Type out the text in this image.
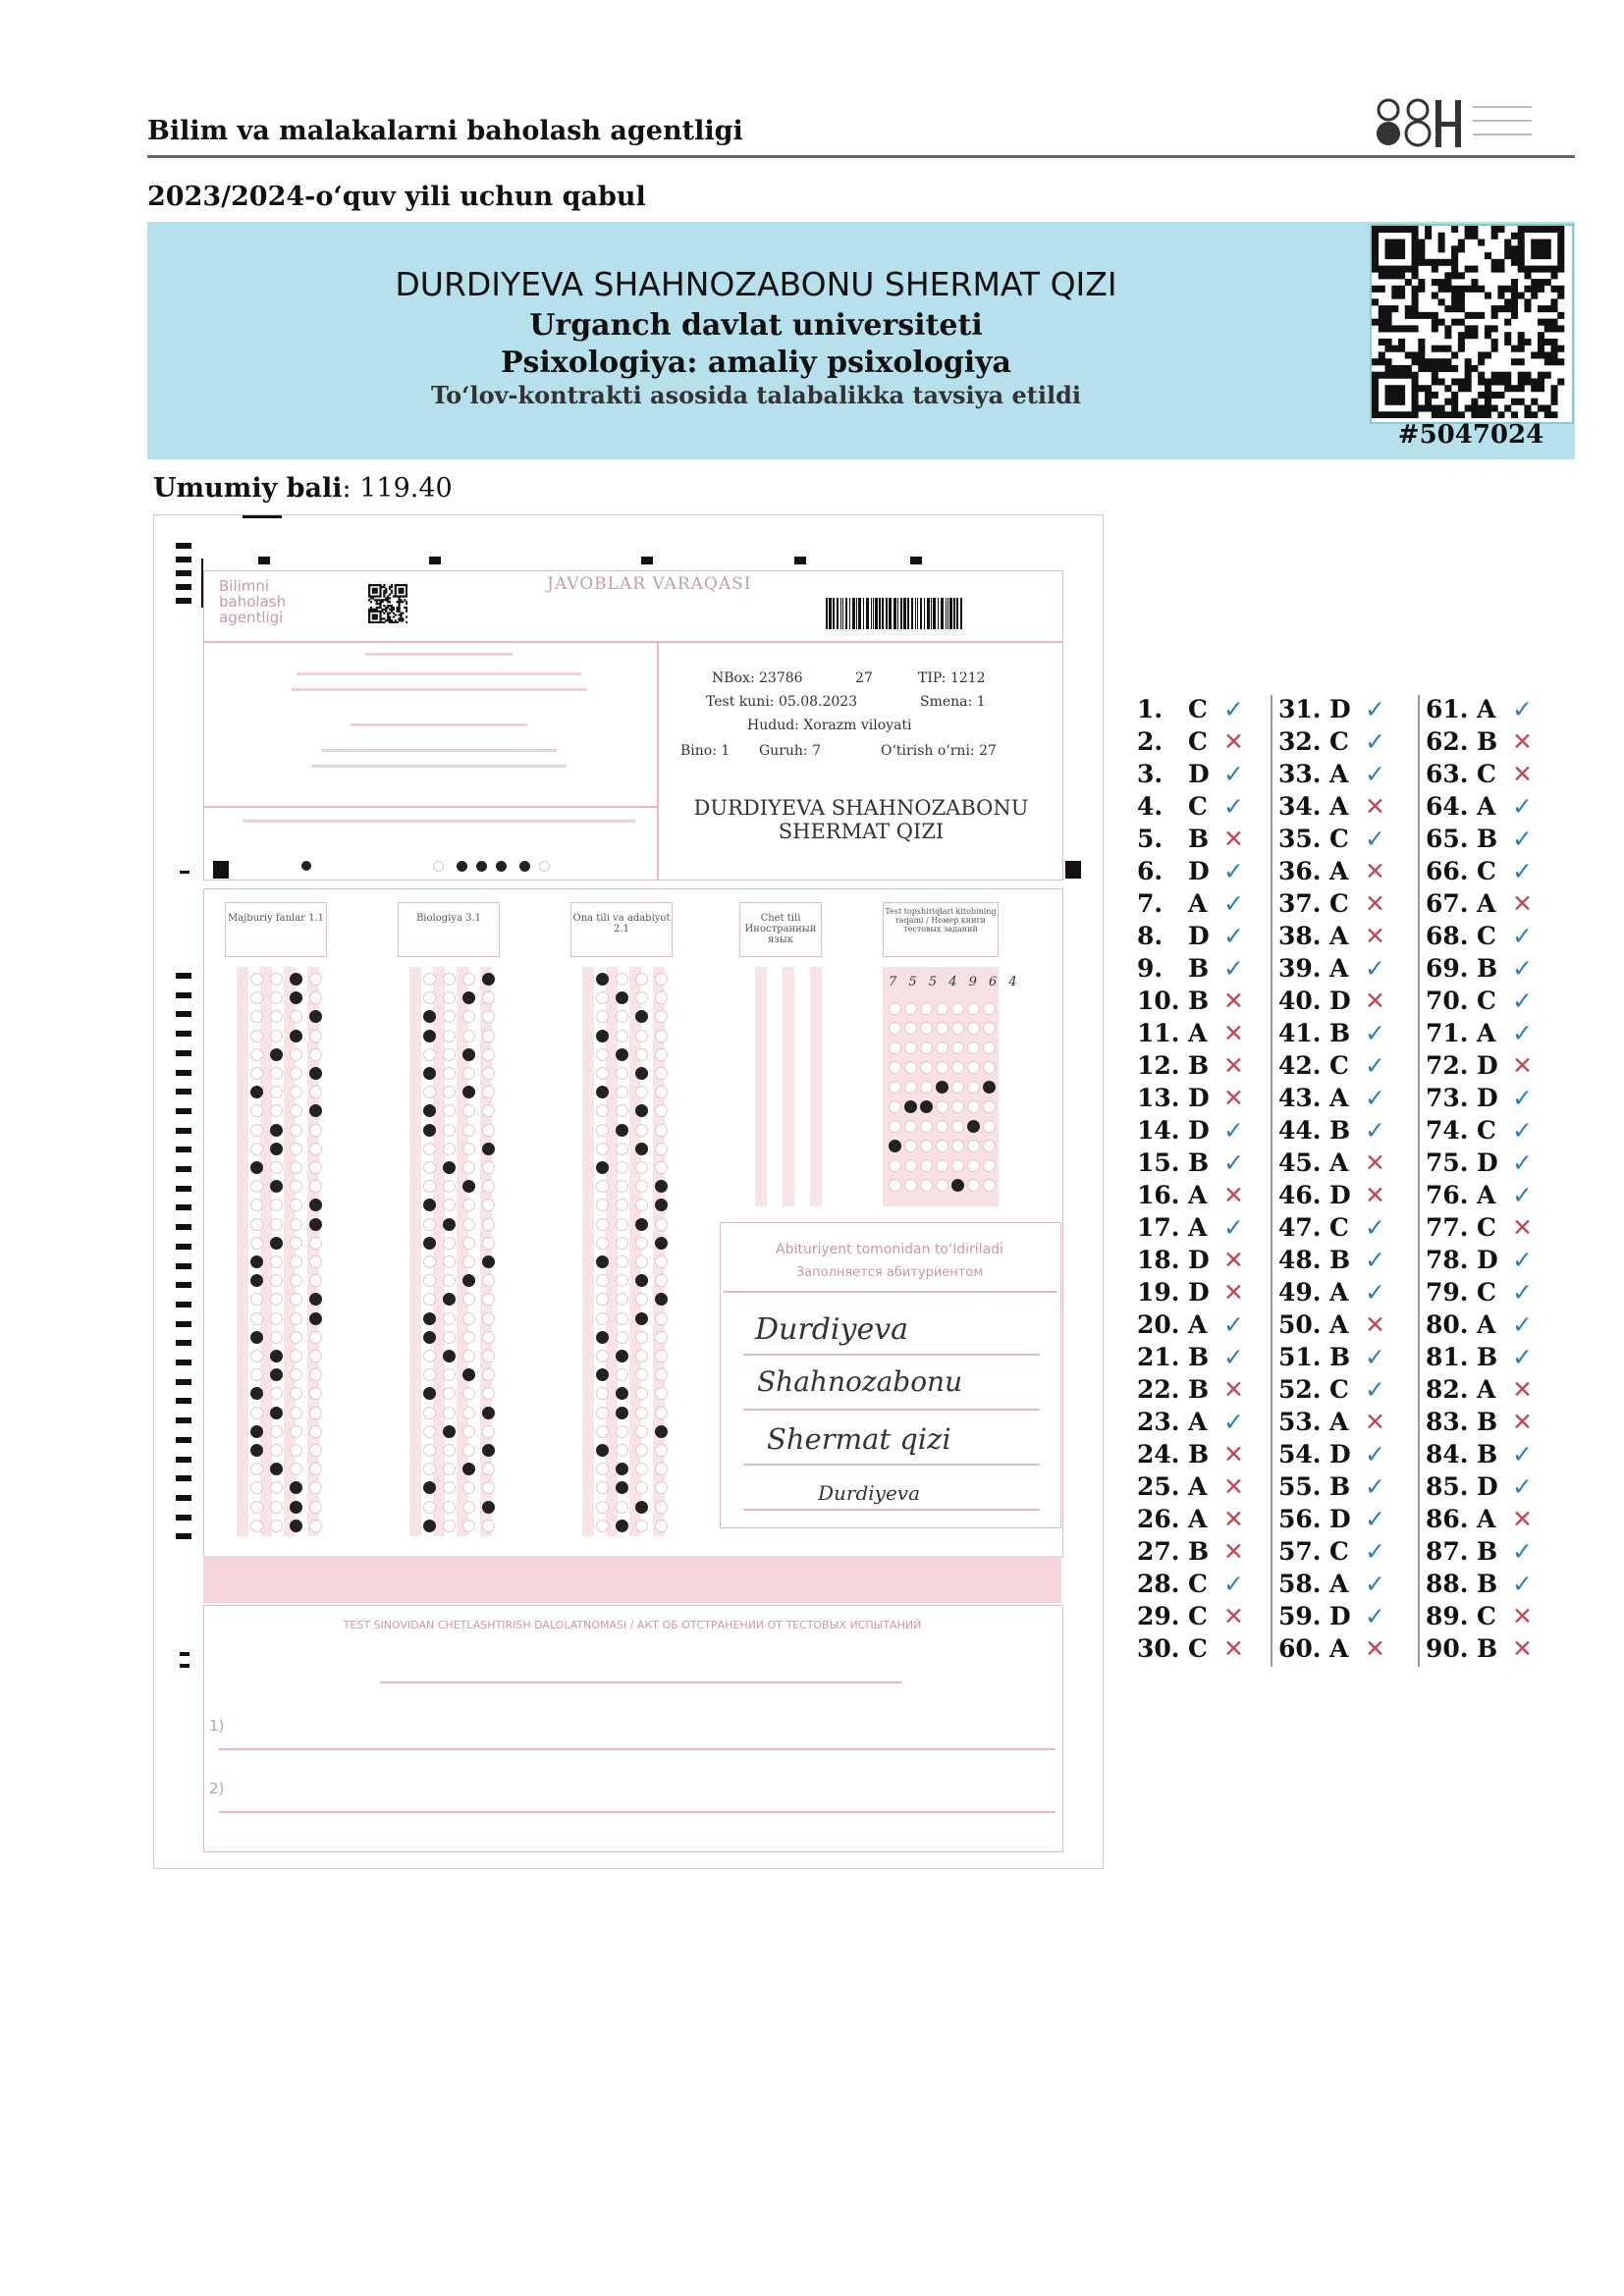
Bilim va malakalarni baholash agentligi
2023/2024-o‘quv yili uchun qabul
DURDIYEVA SHAHNOZABONU SHERMAT QIZI
Urganch davlat universiteti
Psixologiya: amaliy psixologiya
To‘lov-kontrakti asosida talabalikka tavsiya etildi
#5047024
Umumiy bali: 119.40
Bilimni baholash agentligi
JAVOBLAR VARAQASI
NBox: 23786	27	TIP: 1212
Test kuni: 05.08.2023	Smena: 1
Hudud: Xorazm viloyati
Bino: 1 Guruh: 7	O‘tirish o‘rni: 27
DURDIYEVA SHAHNOZABONU SHERMAT QIZI
Majburiy fanlar 1.1	Biologiya 3.1	Ona tili va adabiyot 2.1
Chet tili Иностранный язык
Test topshiriqlari kitobining raqami / Номер книги тестовых заданий
7 5 5 4 9 6 4
Abituriyent tomonidan to‘ldiriladi
Заполняется абитуриентом
Durdiyeva
Shahnozabonu
Shermat qizi
Durdiyeva
TEST SINOVIDAN CHETLASHTIRISH DALOLATNOMASI / АКТ ОБ ОТСТРАНЕНИИ ОТ ТЕСТОВЫХ ИСПЫТАНИЙ
1)
2)
1. C ✓
2. C ✕
3. D ✓
4. C ✓
5. B ✕
6. D ✓
7. A ✓
8. D ✓
9. B ✓
10. B ✕
11. A ✕
12. B ✕
13. D ✕
14. D ✓
15. B ✓
16. A ✕
17. A ✓
18. D ✕
19. D ✕
20. A ✓
21. B ✓
22. B ✕
23. A ✓
24. B ✕
25. A ✕
26. A ✕
27. B ✕
28. C ✓
29. C ✕
30. C ✕
31. D ✓
32. C ✓
33. A ✓
34. A ✕
35. C ✓
36. A ✕
37. C ✕
38. A ✕
39. A ✓
40. D ✕
41. B ✓
42. C ✓
43. A ✓
44. B ✓
45. A ✕
46. D ✕
47. C ✓
48. B ✓
49. A ✓
50. A ✕
51. B ✓
52. C ✓
53. A ✕
54. D ✓
55. B ✓
56. D ✓
57. C ✓
58. A ✓
59. D ✓
60. A ✕
61. A ✓
62. B ✕
63. C ✕
64. A ✓
65. B ✓
66. C ✓
67. A ✕
68. C ✓
69. B ✓
70. C ✓
71. A ✓
72. D ✕
73. D ✓
74. C ✓
75. D ✓
76. A ✓
77. C ✕
78. D ✓
79. C ✓
80. A ✓
81. B ✓
82. A ✕
83. B ✕
84. B ✓
85. D ✓
86. A ✕
87. B ✓
88. B ✓
89. C ✕
90. B ✕
